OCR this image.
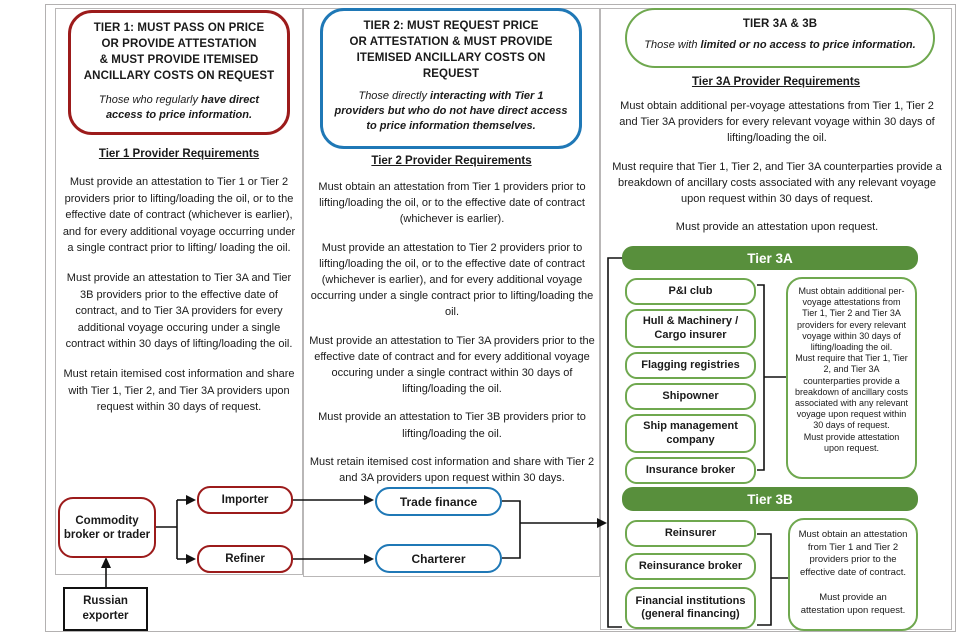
TIER 1: MUST PASS ON PRICE
OR PROVIDE ATTESTATION
& MUST PROVIDE ITEMISED
ANCILLARY COSTS ON REQUEST
Those who regularly have direct access to price information.
Tier 1 Provider Requirements

Must provide an attestation to Tier 1 or Tier 2 providers prior to lifting/loading the oil, or to the effective date of contract (whichever is earlier), and for every additional voyage occurring under a single contract prior to lifting/ loading the oil.

Must provide an attestation to Tier 3A and Tier 3B providers prior to the effective date of contract, and to Tier 3A providers for every additional voyage occuring under a single contract within 30 days of lifting/loading the oil.

Must retain itemised cost information and share with Tier 1, Tier 2, and Tier 3A providers upon request within 30 days of request.

Commodity broker or trader
Importer
Refiner
Russian exporter
TIER 2: MUST REQUEST PRICE
OR ATTESTATION & MUST PROVIDE
ITEMISED ANCILLARY COSTS ON
REQUEST
Those directly interacting with Tier 1 providers but who do not have direct access to price information themselves.
Tier 2 Provider Requirements

Must obtain an attestation from Tier 1 providers prior to lifting/loading the oil, or to the effective date of contract (whichever is earlier).

Must provide an attestation to Tier 2 providers prior to lifting/loading the oil, or to the effective date of contract (whichever is earlier), and for every additional voyage occurring under a single contract prior to lifting/loading the oil.

Must provide an attestation to Tier 3A providers prior to the effective date of contract and for every additional voyage occuring under a single contract within 30 days of lifting/loading the oil.

Must provide an attestation to Tier 3B providers prior to lifting/loading the oil.

Must retain itemised cost information and share with Tier 2 and 3A providers upon request within 30 days.

Trade finance
Charterer
TIER 3A & 3B
Those with limited or no access to price information.
Tier 3A Provider Requirements

Must obtain additional per-voyage attestations from Tier 1, Tier 2 and Tier 3A providers for every relevant voyage within 30 days of lifting/loading the oil.

Must require that Tier 1, Tier 2, and Tier 3A counterparties provide a breakdown of ancillary costs associated with any relevant voyage upon request within 30 days of request.

Must provide an attestation upon request.

Tier 3A
P&I club
Hull & Machinery / Cargo insurer
Flagging registries
Shipowner
Ship management company
Insurance broker

Must obtain additional per-voyage attestations from Tier 1, Tier 2 and Tier 3A providers for every relevant voyage within 30 days of lifting/loading the oil.

Must require that Tier 1, Tier 2, and Tier 3A counterparties provide a breakdown of ancillary costs associated with any relevant voyage upon request within 30 days of request.

Must provide attestation upon request.

Tier 3B
Reinsurer
Reinsurance broker
Financial institutions (general financing)

Must obtain an attestation from Tier 1 and Tier 2 providers prior to the effective date of contract.

Must provide an attestation upon request.
